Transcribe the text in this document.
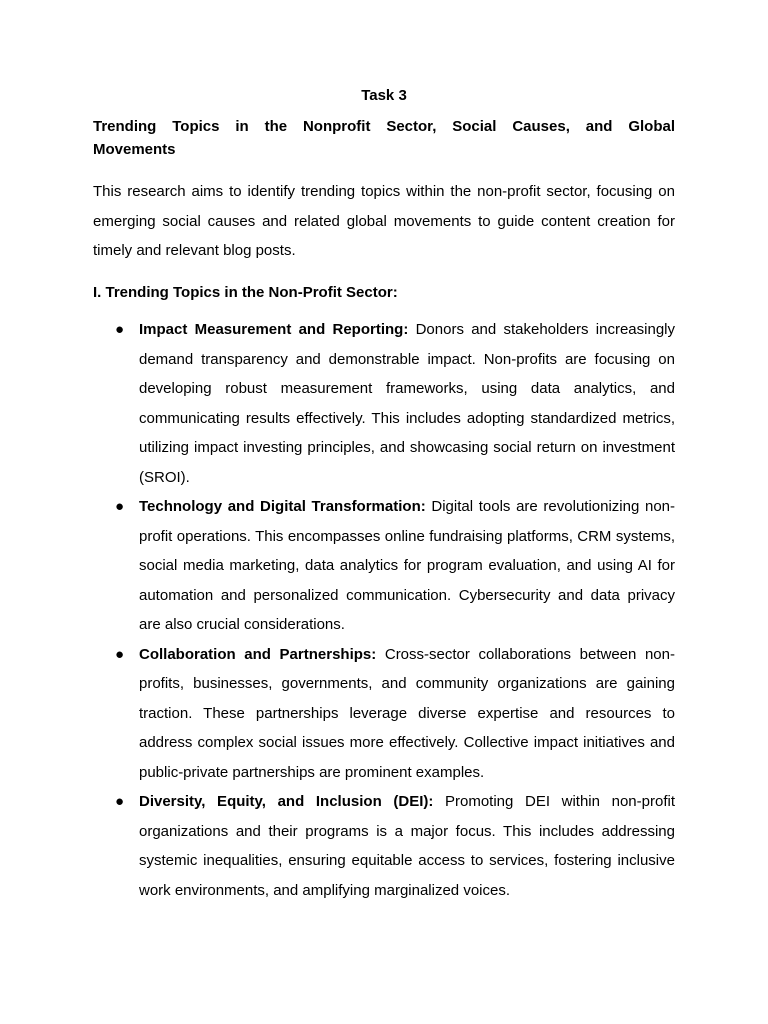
Task 3
Trending Topics in the Nonprofit Sector, Social Causes, and Global Movements

This research aims to identify trending topics within the non-profit sector, focusing on emerging social causes and related global movements to guide content creation for timely and relevant blog posts.

I. Trending Topics in the Non-Profit Sector:
● Impact Measurement and Reporting: Donors and stakeholders increasingly demand transparency and demonstrable impact. Non-profits are focusing on developing robust measurement frameworks, using data analytics, and communicating results effectively. This includes adopting standardized metrics, utilizing impact investing principles, and showcasing social return on investment (SROI).
● Technology and Digital Transformation: Digital tools are revolutionizing non-profit operations. This encompasses online fundraising platforms, CRM systems, social media marketing, data analytics for program evaluation, and using AI for automation and personalized communication. Cybersecurity and data privacy are also crucial considerations.
● Collaboration and Partnerships: Cross-sector collaborations between non-profits, businesses, governments, and community organizations are gaining traction. These partnerships leverage diverse expertise and resources to address complex social issues more effectively. Collective impact initiatives and public-private partnerships are prominent examples.
● Diversity, Equity, and Inclusion (DEI): Promoting DEI within non-profit organizations and their programs is a major focus. This includes addressing systemic inequalities, ensuring equitable access to services, fostering inclusive work environments, and amplifying marginalized voices.
